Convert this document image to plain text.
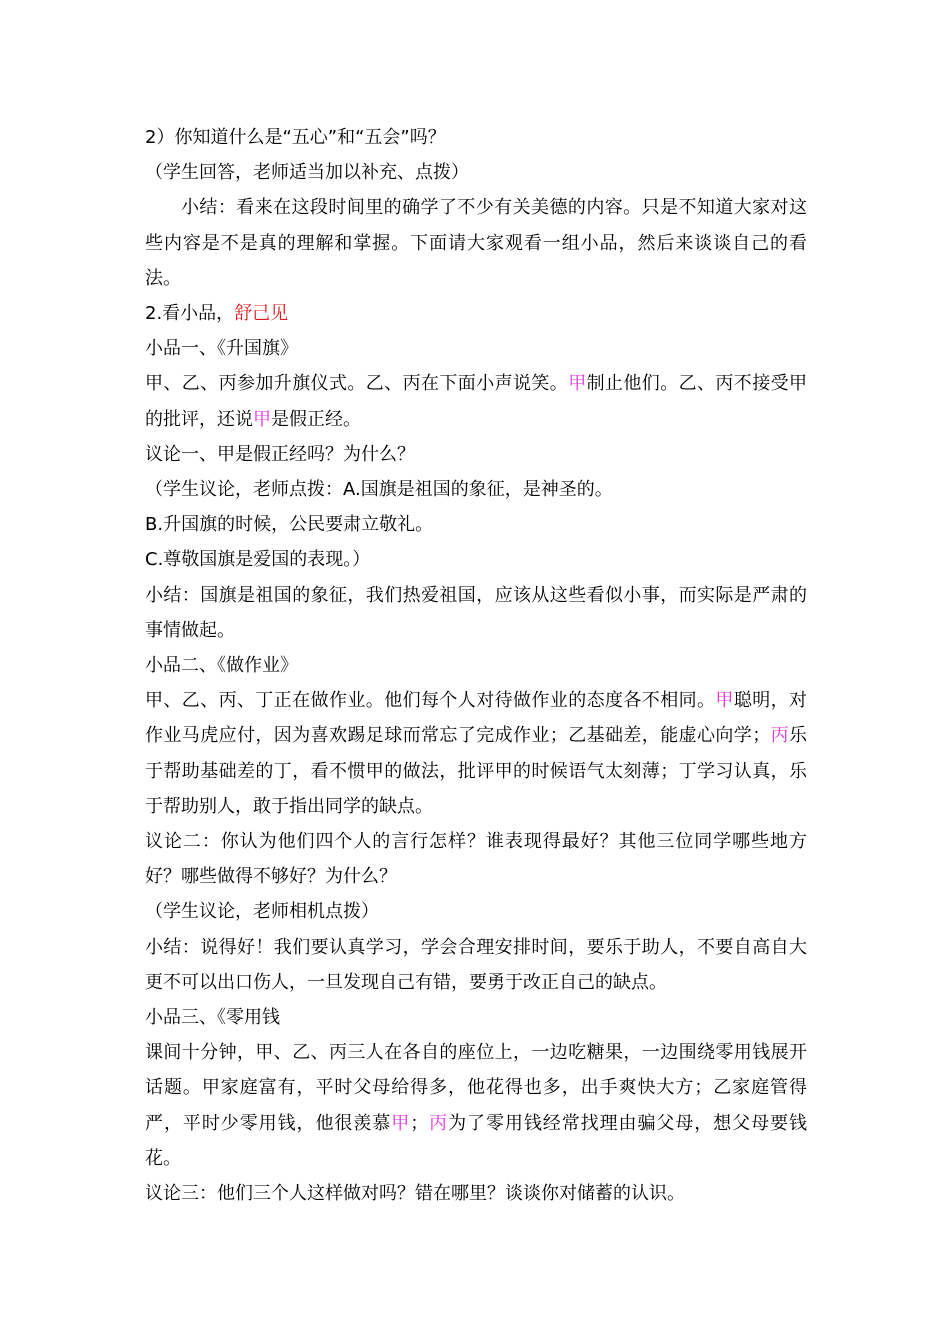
2）你知道什么是“五心”和“五会”吗？
（学生回答，老师适当加以补充、点拨）
小结：看来在这段时间里的确学了不少有关美德的内容。只是不知道大家对这些内容是不是真的理解和掌握。下面请大家观看一组小品，然后来谈谈自己的看法。
2.看小品，舒己见
小品一、《升国旗》
甲、乙、丙参加升旗仪式。乙、丙在下面小声说笑。甲制止他们。乙、丙不接受甲的批评，还说甲是假正经。
议论一、甲是假正经吗？为什么？
（学生议论，老师点拨：A.国旗是祖国的象征，是神圣的。
B.升国旗的时候，公民要肃立敬礼。
C.尊敬国旗是爱国的表现。）
小结：国旗是祖国的象征，我们热爱祖国，应该从这些看似小事，而实际是严肃的事情做起。
小品二、《做作业》
甲、乙、丙、丁正在做作业。他们每个人对待做作业的态度各不相同。甲聪明，对作业马虎应付，因为喜欢踢足球而常忘了完成作业；乙基础差，能虚心向学；丙乐于帮助基础差的丁，看不惯甲的做法，批评甲的时候语气太刻薄；丁学习认真，乐于帮助别人，敢于指出同学的缺点。
议论二：你认为他们四个人的言行怎样？谁表现得最好？其他三位同学哪些地方好？哪些做得不够好？为什么？
（学生议论，老师相机点拨）
小结：说得好！我们要认真学习，学会合理安排时间，要乐于助人，不要自高自大更不可以出口伤人，一旦发现自己有错，要勇于改正自己的缺点。
小品三、《零用钱
课间十分钟，甲、乙、丙三人在各自的座位上，一边吃糖果，一边围绕零用钱展开话题。甲家庭富有，平时父母给得多，他花得也多，出手爽快大方；乙家庭管得严，平时少零用钱，他很羡慕甲；丙为了零用钱经常找理由骗父母，想父母要钱花。
议论三：他们三个人这样做对吗？错在哪里？谈谈你对储蓄的认识。
